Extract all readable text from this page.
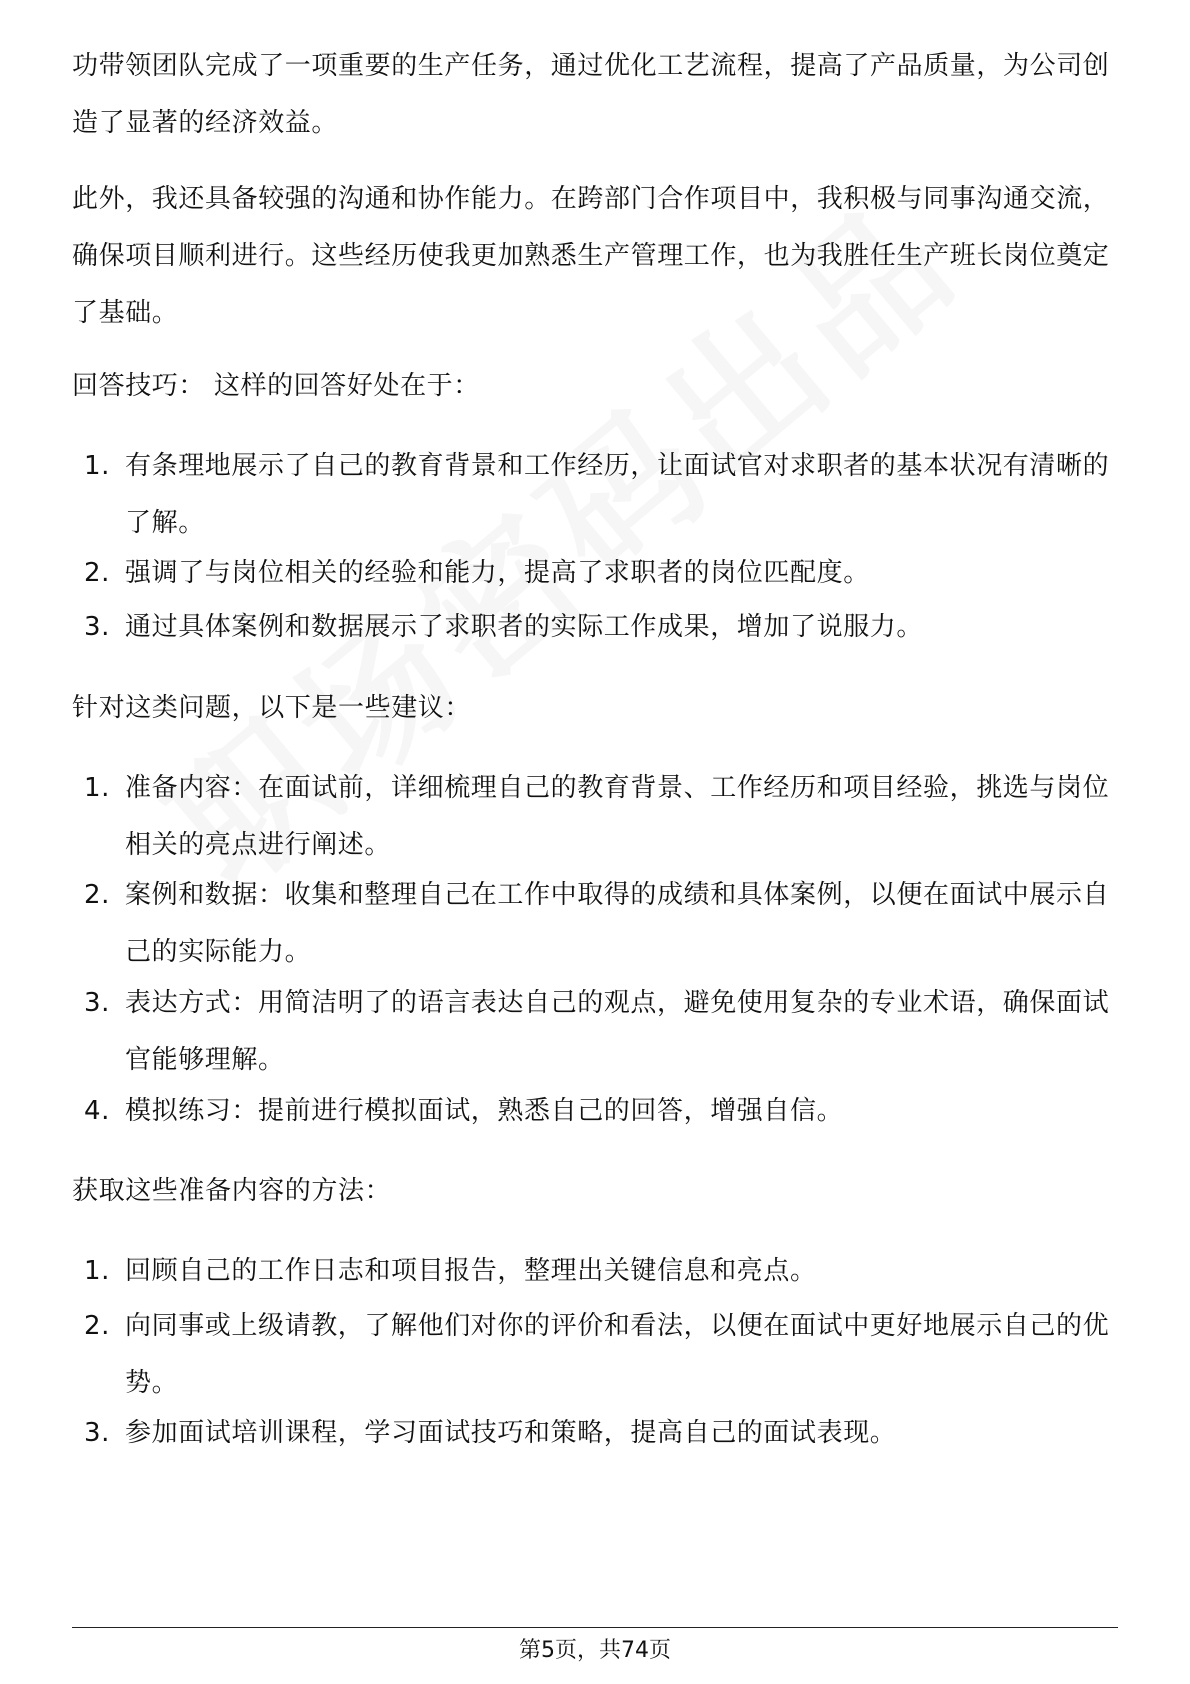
功带领团队完成了一项重要的生产任务，通过优化工艺流程，提高了产品质量，为公司创造了显著的经济效益。

此外，我还具备较强的沟通和协作能力。在跨部门合作项目中，我积极与同事沟通交流，确保项目顺利进行。这些经历使我更加熟悉生产管理工作，也为我胜任生产班长岗位奠定了基础。

回答技巧： 这样的回答好处在于：

1. 有条理地展示了自己的教育背景和工作经历，让面试官对求职者的基本状况有清晰的了解。
2. 强调了与岗位相关的经验和能力，提高了求职者的岗位匹配度。
3. 通过具体案例和数据展示了求职者的实际工作成果，增加了说服力。

针对这类问题，以下是一些建议：

1. 准备内容：在面试前，详细梳理自己的教育背景、工作经历和项目经验，挑选与岗位相关的亮点进行阐述。
2. 案例和数据：收集和整理自己在工作中取得的成绩和具体案例，以便在面试中展示自己的实际能力。
3. 表达方式：用简洁明了的语言表达自己的观点，避免使用复杂的专业术语，确保面试官能够理解。
4. 模拟练习：提前进行模拟面试，熟悉自己的回答，增强自信。

获取这些准备内容的方法：

1. 回顾自己的工作日志和项目报告，整理出关键信息和亮点。
2. 向同事或上级请教，了解他们对你的评价和看法，以便在面试中更好地展示自己的优势。
3. 参加面试培训课程，学习面试技巧和策略，提高自己的面试表现。
第5页，共74页
